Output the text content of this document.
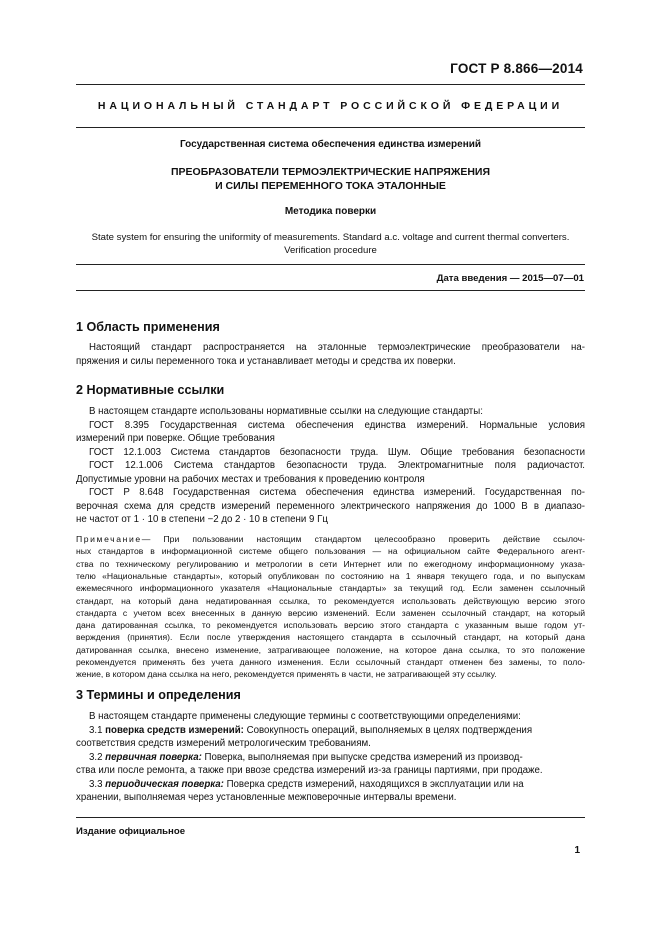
ГОСТ Р 8.866—2014
НАЦИОНАЛЬНЫЙ СТАНДАРТ РОССИЙСКОЙ ФЕДЕРАЦИИ
Государственная система обеспечения единства измерений
ПРЕОБРАЗОВАТЕЛИ ТЕРМОЭЛЕКТРИЧЕСКИЕ НАПРЯЖЕНИЯ
И СИЛЫ ПЕРЕМЕННОГО ТОКА ЭТАЛОННЫЕ
Методика поверки
State system for ensuring the uniformity of measurements. Standard a.c. voltage and current thermal converters.
Verification procedure
Дата введения — 2015—07—01
1 Область применения
Настоящий стандарт распространяется на эталонные термоэлектрические преобразователи на-
пряжения и силы переменного тока и устанавливает методы и средства их поверки.
2 Нормативные ссылки
В настоящем стандарте использованы нормативные ссылки на следующие стандарты:
ГОСТ 8.395 Государственная система обеспечения единства измерений. Нормальные условия
измерений при поверке. Общие требования
ГОСТ 12.1.003 Система стандартов безопасности труда. Шум. Общие требования безопасности
ГОСТ 12.1.006 Система стандартов безопасности труда. Электромагнитные поля радиочастот.
Допустимые уровни на рабочих местах и требования к проведению контроля
ГОСТ Р 8.648 Государственная система обеспечения единства измерений. Государственная по-
верочная схема для средств измерений переменного электрического напряжения до 1000 В в диапазо-
не частот от 1 · 10 в степени −2 до 2 · 10 в степени 9 Гц
Примечание — При пользовании настоящим стандартом целесообразно проверить действие ссылоч-
ных стандартов в информационной системе общего пользования — на официальном сайте Федерального агент-
ства по техническому регулированию и метрологии в сети Интернет или по ежегодному информационному указа-
телю «Национальные стандарты», который опубликован по состоянию на 1 января текущего года, и по выпускам
ежемесячного информационного указателя «Национальные стандарты» за текущий год. Если заменен ссылочный
стандарт, на который дана недатированная ссылка, то рекомендуется использовать действующую версию этого
стандарта с учетом всех внесенных в данную версию изменений. Если заменен ссылочный стандарт, на который
дана датированная ссылка, то рекомендуется использовать версию этого стандарта с указанным выше годом ут-
верждения (принятия). Если после утверждения настоящего стандарта в ссылочный стандарт, на который дана
датированная ссылка, внесено изменение, затрагивающее положение, на которое дана ссылка, то это положение
рекомендуется применять без учета данного изменения. Если ссылочный стандарт отменен без замены, то поло-
жение, в котором дана ссылка на него, рекомендуется применять в части, не затрагивающей эту ссылку.
3 Термины и определения
В настоящем стандарте применены следующие термины с соответствующими определениями:
3.1
поверка средств измерений: Совокупность операций, выполняемых в целях подтверждения
соответствия средств измерений метрологическим требованиям.
3.2
первичная поверка: Поверка, выполняемая при выпуске средства измерений из производ-
ства или после ремонта, а также при ввозе средства измерений из-за границы партиями, при продаже.
3.3
периодическая поверка: Поверка средств измерений, находящихся в эксплуатации или на
хранении, выполняемая через установленные межповерочные интервалы времени.
Издание официальное
1
